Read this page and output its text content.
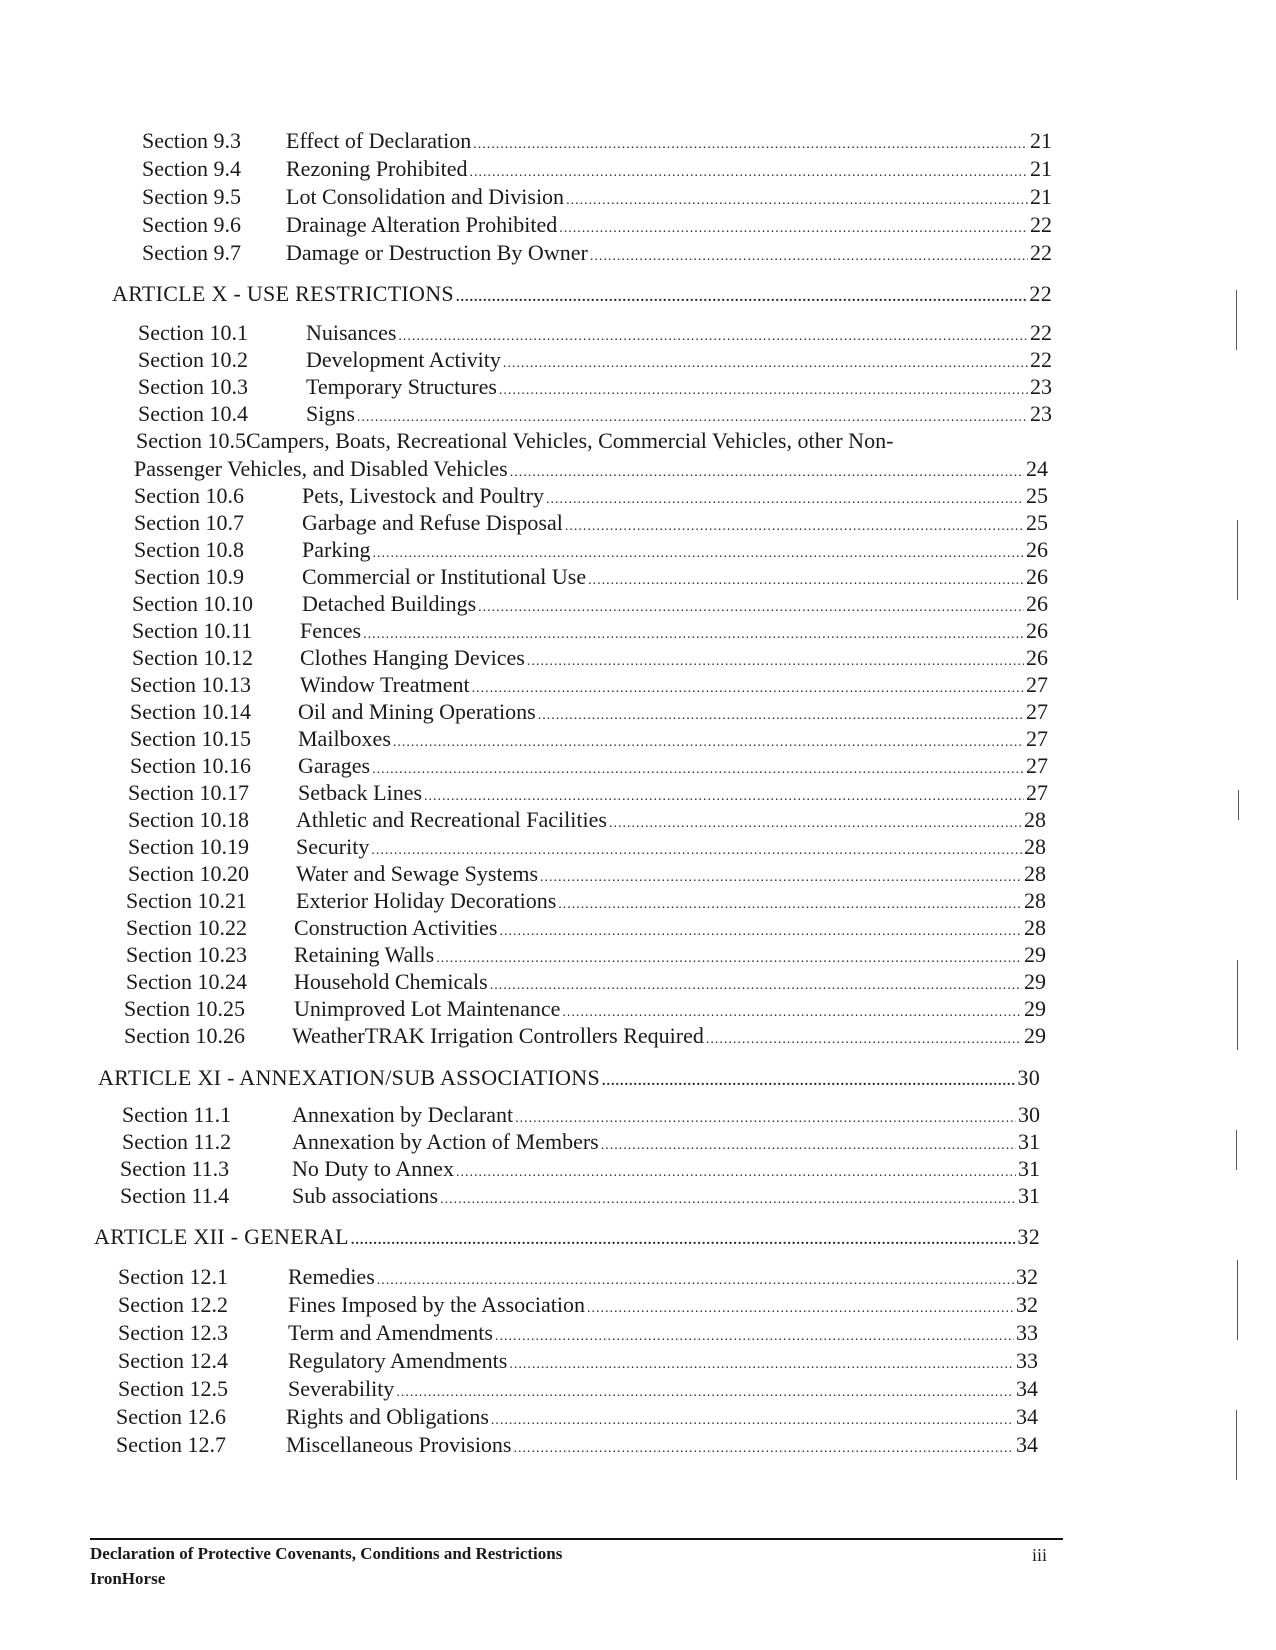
Section 9.3	Effect of Declaration .....	21
Section 9.4	Rezoning Prohibited .....	21
Section 9.5	Lot Consolidation and Division .....	21
Section 9.6	Drainage Alteration Prohibited .....	22
Section 9.7	Damage or Destruction By Owner .....	22
ARTICLE X - USE RESTRICTIONS .....	22
Section 10.1	Nuisances .....	22
Section 10.2	Development Activity .....	22
Section 10.3	Temporary Structures .....	23
Section 10.4	Signs .....	23
Section 10.5Campers, Boats, Recreational Vehicles, Commercial Vehicles, other Non-
Passenger Vehicles, and Disabled Vehicles .....	24
Section 10.6	Pets, Livestock and Poultry .....	25
Section 10.7	Garbage and Refuse Disposal .....	25
Section 10.8	Parking .....	26
Section 10.9	Commercial or Institutional Use .....	26
Section 10.10	Detached Buildings .....	26
Section 10.11	Fences .....	26
Section 10.12	Clothes Hanging Devices .....	26
Section 10.13	Window Treatment .....	27
Section 10.14	Oil and Mining Operations .....	27
Section 10.15	Mailboxes .....	27
Section 10.16	Garages .....	27
Section 10.17	Setback Lines .....	27
Section 10.18	Athletic and Recreational Facilities .....	28
Section 10.19	Security .....	28
Section 10.20	Water and Sewage Systems .....	28
Section 10.21	Exterior Holiday Decorations .....	28
Section 10.22	Construction Activities .....	28
Section 10.23	Retaining Walls .....	29
Section 10.24	Household Chemicals .....	29
Section 10.25	Unimproved Lot Maintenance .....	29
Section 10.26	WeatherTRAK Irrigation Controllers Required .....	29
ARTICLE XI - ANNEXATION/SUB ASSOCIATIONS .....	30
Section 11.1	Annexation by Declarant .....	30
Section 11.2	Annexation by Action of Members .....	31
Section 11.3	No Duty to Annex .....	31
Section 11.4	Sub associations .....	31
ARTICLE XII - GENERAL .....	32
Section 12.1	Remedies .....	32
Section 12.2	Fines Imposed by the Association .....	32
Section 12.3	Term and Amendments .....	33
Section 12.4	Regulatory Amendments .....	33
Section 12.5	Severability .....	34
Section 12.6	Rights and Obligations .....	34
Section 12.7	Miscellaneous Provisions .....	34
Declaration of Protective Covenants, Conditions and Restrictions
IronHorse
iii
